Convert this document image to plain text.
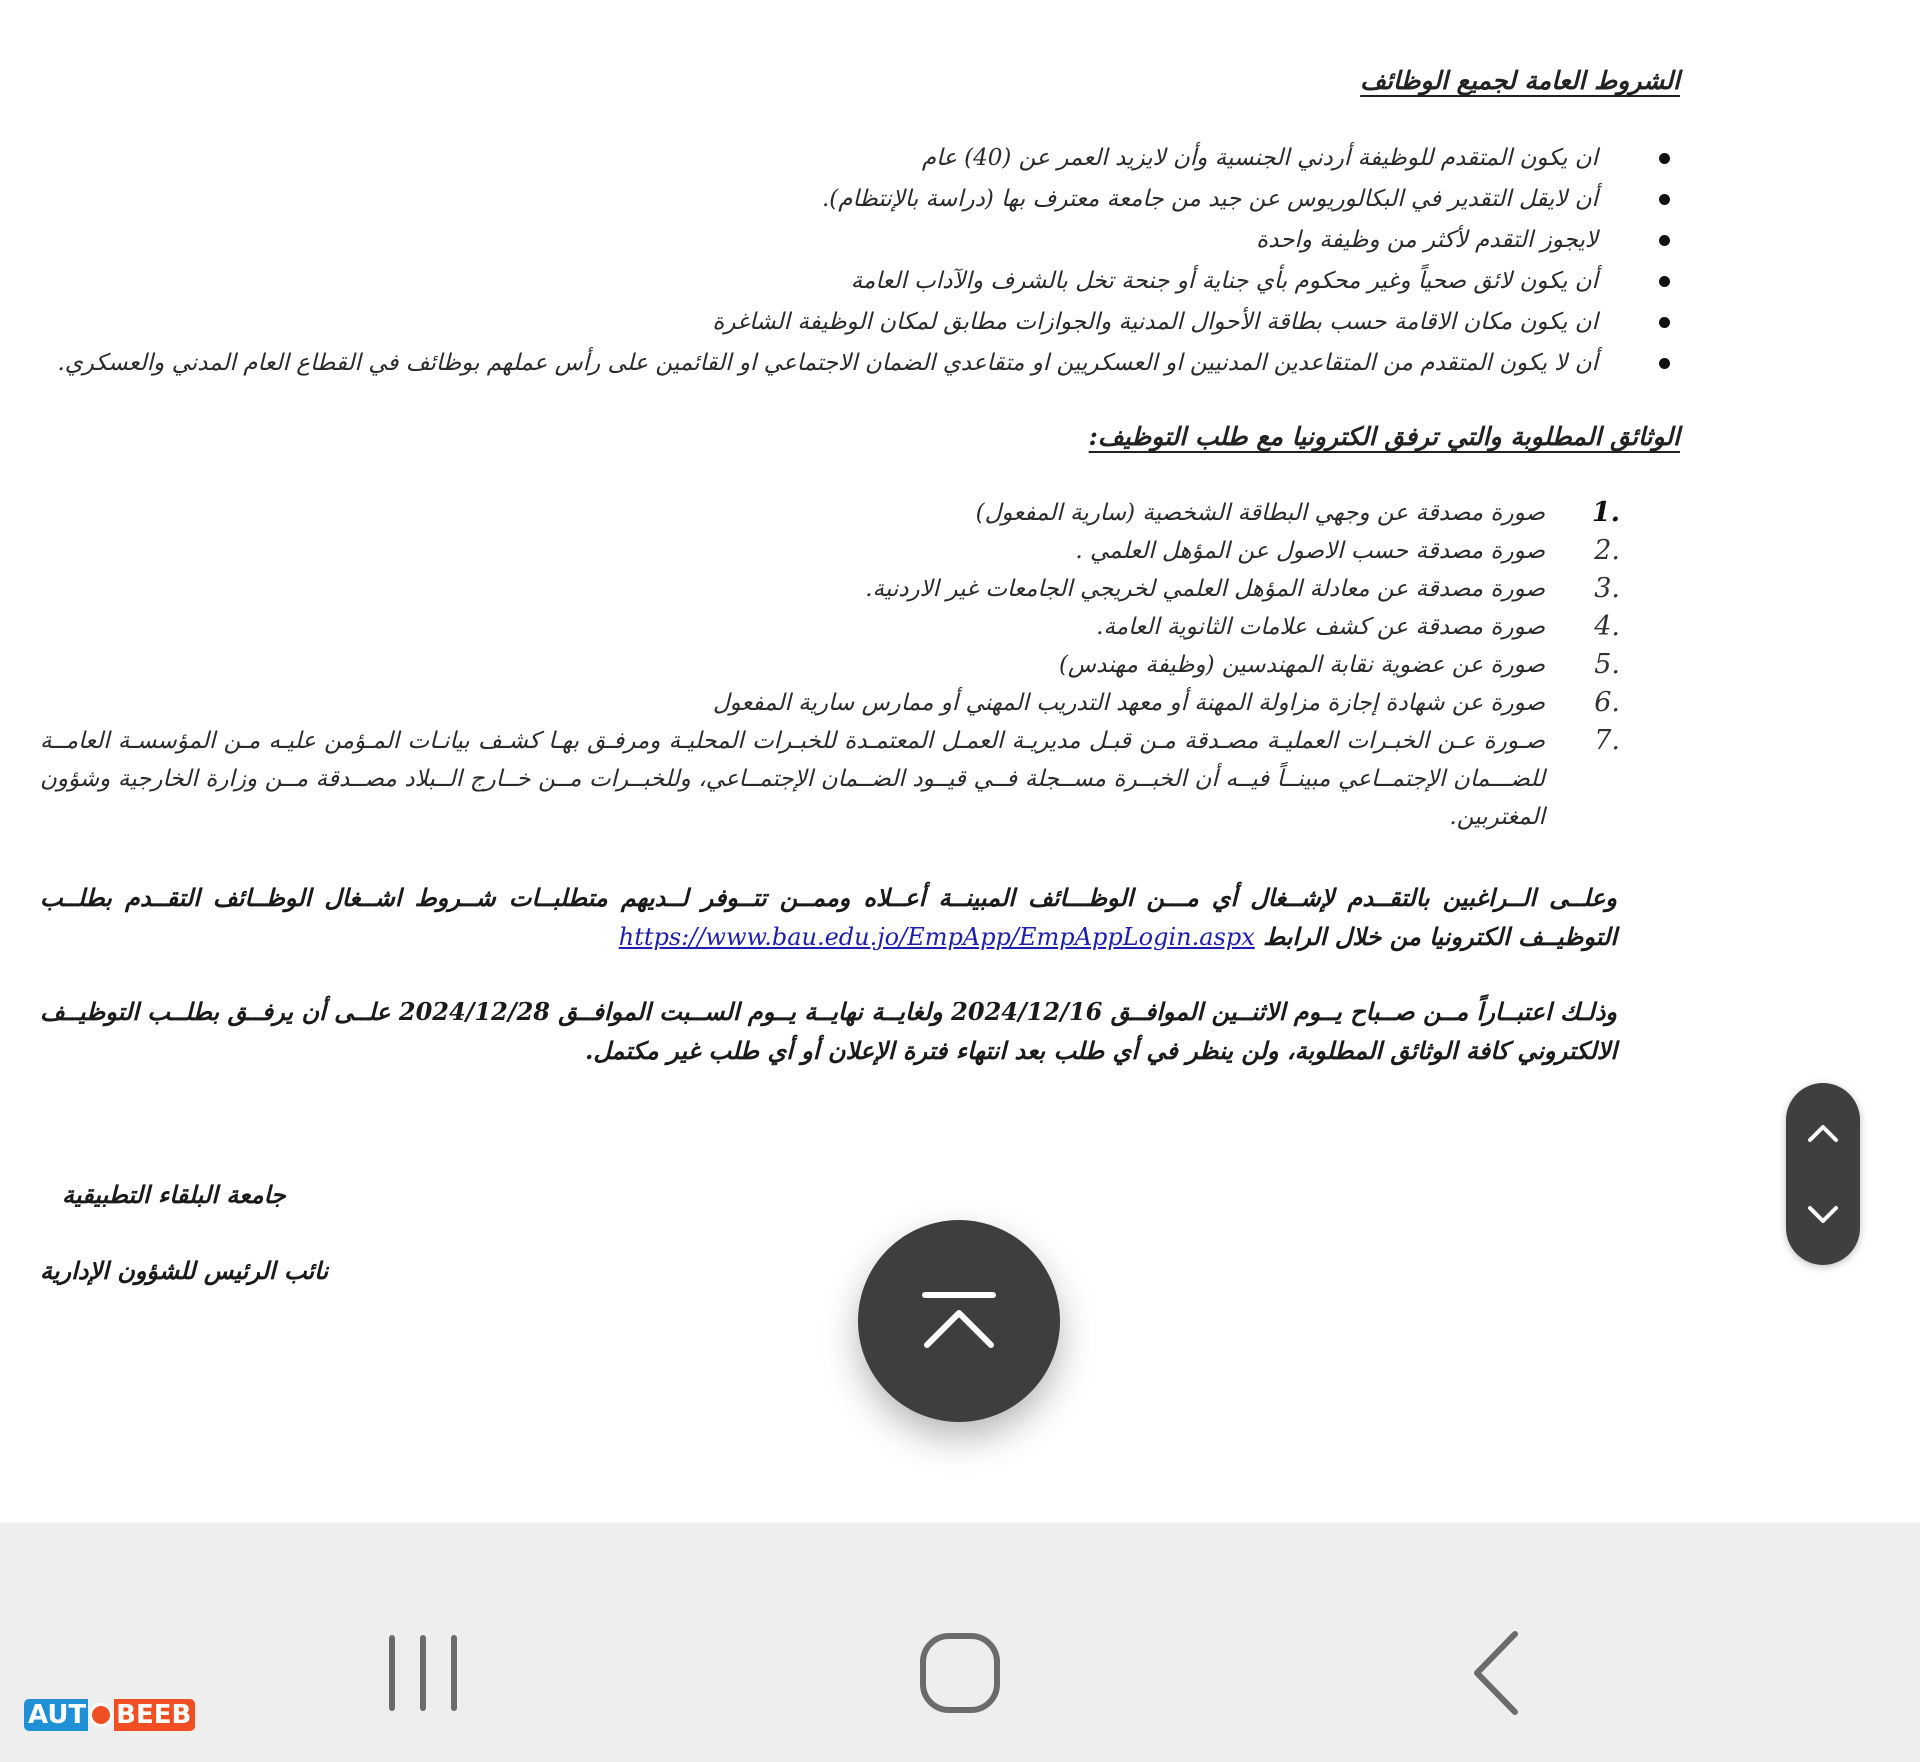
الشروط العامة لجميع الوظائف
ان يكون المتقدم للوظيفة أردني الجنسية وأن لايزيد العمر عن (40) عام
أن لايقل التقدير في البكالوريوس عن جيد من جامعة معترف بها (دراسة بالإنتظام).
لايجوز التقدم لأكثر من وظيفة واحدة
أن يكون لائق صحياً وغير محكوم بأي جناية أو جنحة تخل بالشرف والآداب العامة
ان يكون مكان الاقامة حسب بطاقة الأحوال المدنية والجوازات مطابق لمكان الوظيفة الشاغرة
أن لا يكون المتقدم من المتقاعدين المدنيين او العسكريين او متقاعدي الضمان الاجتماعي او القائمين على رأس عملهم بوظائف في القطاع العام المدني والعسكري.
الوثائق المطلوبة والتي ترفق الكترونيا مع طلب التوظيف:
1.
صورة مصدقة عن وجهي البطاقة الشخصية (سارية المفعول)
2.
صورة مصدقة حسب الاصول عن المؤهل العلمي .
3.
صورة مصدقة عن معادلة المؤهل العلمي لخريجي الجامعات غير الاردنية.
4.
صورة مصدقة عن كشف علامات الثانوية العامة.
5.
صورة عن عضوية نقابة المهندسين (وظيفة مهندس)
6.
صورة عن شهادة إجازة مزاولة المهنة أو معهد التدريب المهني أو ممارس سارية المفعول
7.
صـورة عـن الخبـرات العمليـة مصـدقة مـن قبـل مديريـة العمـل المعتمـدة للخبـرات المحليـة ومرفـق بهـا كشـف بيانـات المـؤمن عليـه مـن المؤسسـة العامــة للضـــمان الإجتمــاعي مبينــاً فيــه أن الخبــرة مســجلة فــي قيــود الضــمان الإجتمــاعي، وللخبــرات مــن خــارج الــبلاد مصــدقة مــن وزارة الخارجية وشؤون المغتربين.
وعلــى الــراغبين بالتقــدم لإشــغال أي مـــن الوظـــائف المبينــة أعــلاه وممــن تتــوفر لــديهم متطلبــات شــروط اشــغال الوظــائف التقــدم بطلــب التوظيــف الكترونيا من خلال الرابط https://www.bau.edu.jo/EmpApp/EmpAppLogin.aspx
وذلـك اعتبــاراً مــن صــباح يــوم الاثنــين الموافــق 2024/12/16 ولغايــة نهايــة يــوم الســبت الموافــق 2024/12/28 علــى أن يرفــق بطلــب التوظيــف الالكتروني كافة الوثائق المطلوبة، ولن ينظر في أي طلب بعد انتهاء فترة الإعلان أو أي طلب غير مكتمل.
جامعة البلقاء التطبيقية
نائب الرئيس للشؤون الإدارية
AUT BEEB
